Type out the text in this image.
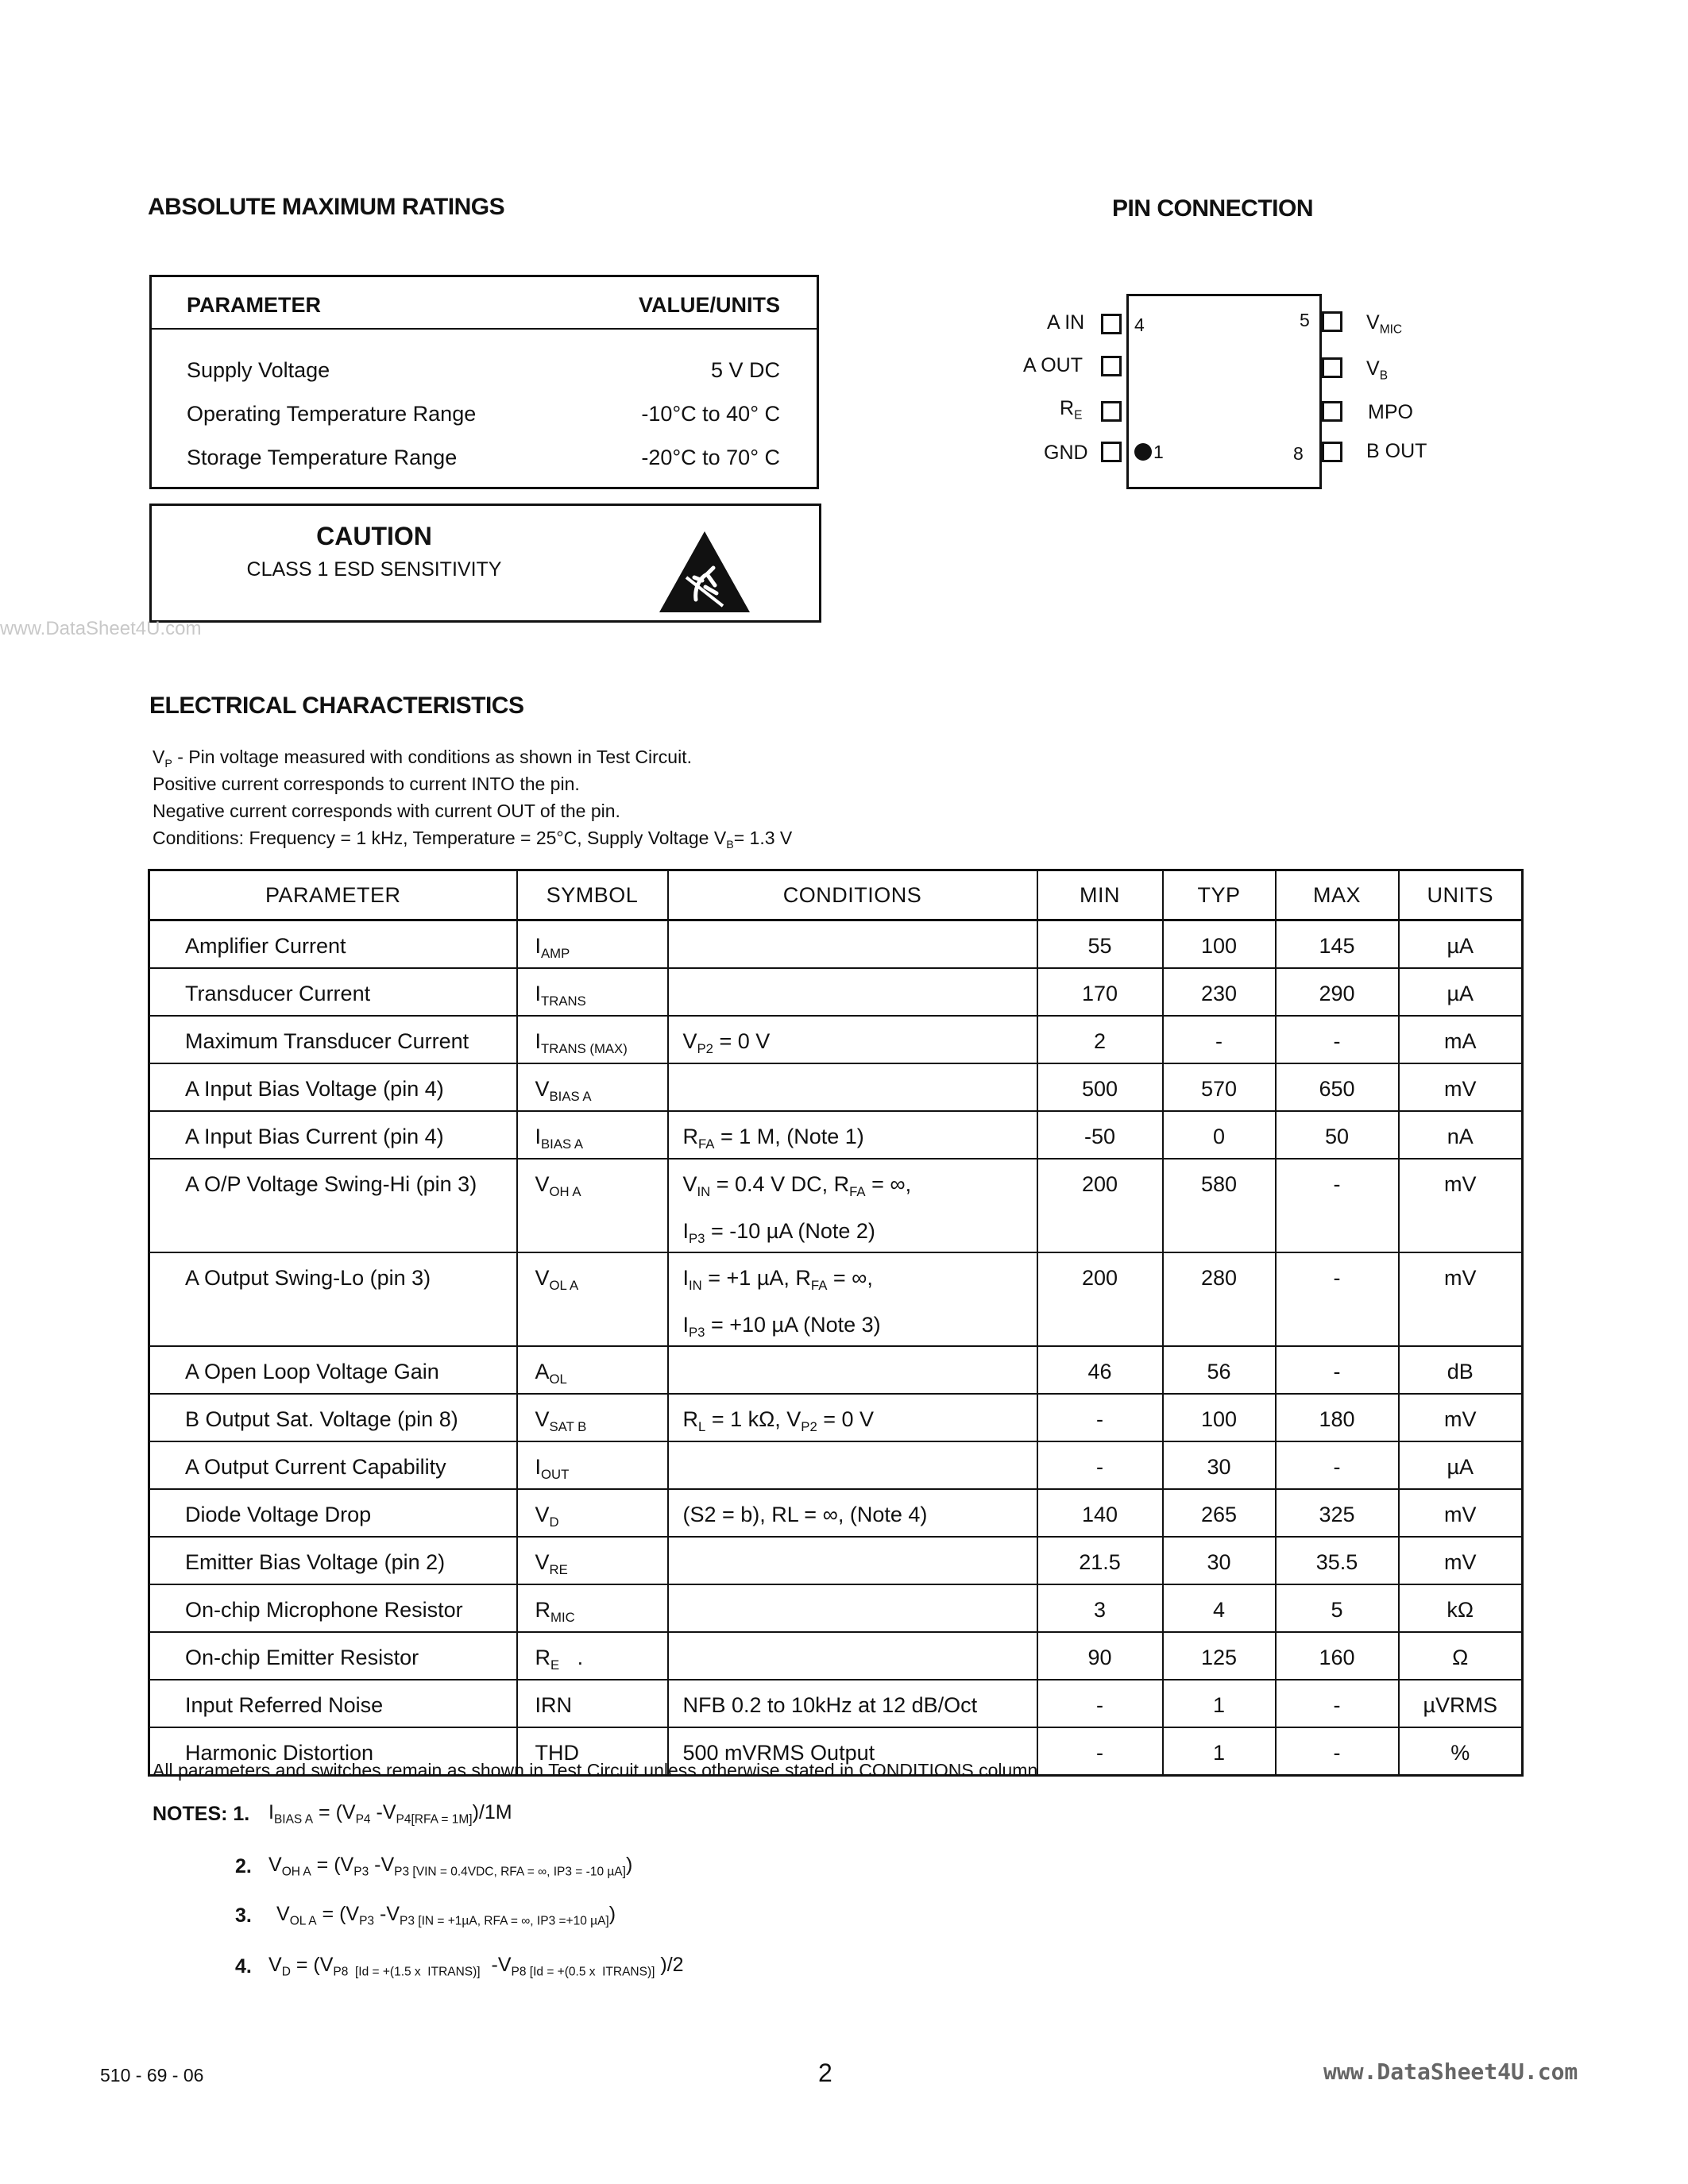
ABSOLUTE MAXIMUM RATINGS
PARAMETER	VALUE/UNITS
Supply Voltage	5 V DC
Operating Temperature Range	-10°C to 40° C
Storage Temperature Range	-20°C to 70° C
CAUTION
CLASS 1 ESD SENSITIVITY
www.DataSheet4U.com
PIN CONNECTION
A IN
A OUT
$R_E$
GND
$V_{MIC}$
$V_B$
MPO
B OUT
4	5
1	8
ELECTRICAL CHARACTERISTICS
$V_P$ - Pin voltage measured with conditions as shown in Test Circuit.
Positive current corresponds to current INTO the pin.
Negative current corresponds with current OUT of the pin.
Conditions: Frequency = 1 kHz, Temperature = 25°C, Supply Voltage $V_B= 1.3$ V
PARAMETER	SYMBOL	CONDITIONS	MIN	TYP	MAX	UNITS
Amplifier Current	$I_{AMP}$		55	100	145	µA
Transducer Current	$I_{TRANS}$		170	230	290	µA
Maximum Transducer Current	$I_{TRANS (MAX)}$	$V_{P2} = 0$ V	2	-	-	mA
A Input Bias Voltage (pin 4)	$V_{BIAS A}$		500	570	650	mV
A Input Bias Current (pin 4)	$I_{BIAS A}$	$R_{FA} = 1$ M, (Note 1)	-50	0	50	nA
A O/P Voltage Swing-Hi (pin 3)	$V_{OH A}$	$V_{IN} = 0.4$ V DC, $R_{FA}$ = ∞,
$I_{P3} = -10$ µA (Note 2)	200	580	-	mV
A Output Swing-Lo (pin 3)	$V_{OL A}$	$I_{IN} = +1$ µA, $R_{FA}$ = ∞,
$I_{P3} = +10$ µA (Note 3)	200	280	-	mV
A Open Loop Voltage Gain	$A_{OL}$		46	56	-	dB
B Output Sat. Voltage (pin 8)	$V_{SAT B}$	$R_L = 1$ kΩ, $V_{P2} = 0$ V	-	100	180	mV
A Output Current Capability	$I_{OUT}$		-	30	-	µA
Diode Voltage Drop	$V_D$	(S2 = b), RL = ∞, (Note 4)	140	265	325	mV
Emitter Bias Voltage (pin 2)	$V_{RE}$		21.5	30	35.5	mV
On-chip Microphone Resistor	$R_{MIC}$		3	4	5	kΩ
On-chip Emitter Resistor	$R_E$   .		90	125	160	Ω
Input Referred Noise	IRN	NFB 0.2 to 10kHz at 12 dB/Oct	-	1	-	µVRMS
Harmonic Distortion	THD	500 mVRMS Output	-	1	-	%
All parameters and switches remain as shown in Test Circuit unless otherwise stated in CONDITIONS column.
NOTES: 1. $I_{BIAS A} = (V_{P4}$ $-V_{P4[RFA = 1M]})/1M$
2. $V_{OH A} = (V_{P3}$ $-V_{P3 [VIN = 0.4VDC, RFA = \infty, IP3 = -10 \mu A]}$)
3. $V_{OL A} = (V_{P3}$ $-V_{P3 [IN = +1\mu A, RFA = \infty, IP3 =+10 \mu A]}$)
4. $V_D = (V_{P8 [Id = +(1.5 x ITRANS)]}$  $-V_{P8 [Id = +(0.5 x ITRANS)]}$ )/2
510 - 69 - 06	2	www.DataSheet4U.com
